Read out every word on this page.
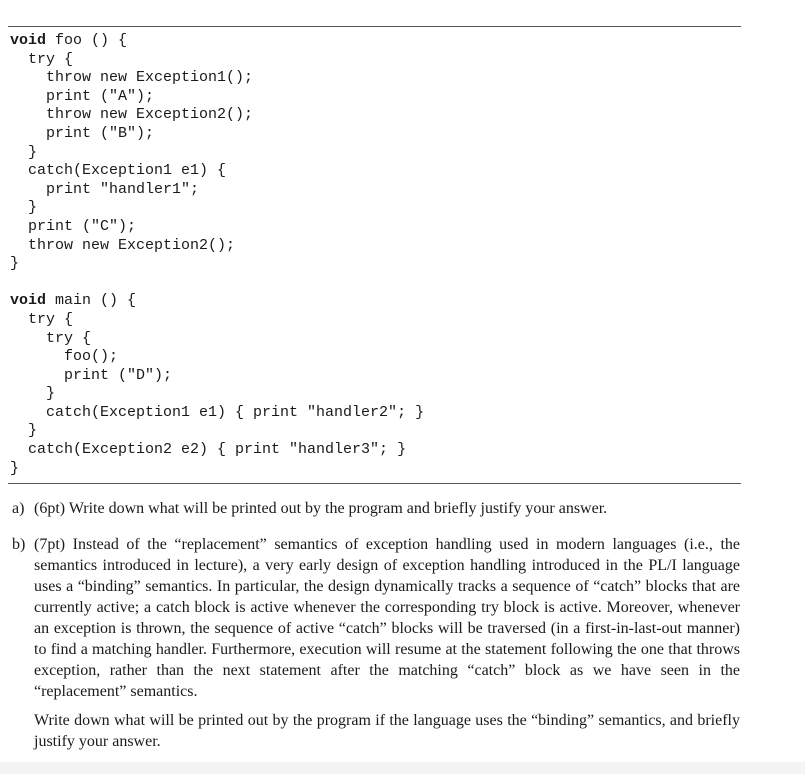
void foo () {
try {
throw new Exception1();
print ("A");
throw new Exception2();
print ("B");
}
catch(Exception1 e1) {
print "handler1";
}
print ("C");
throw new Exception2();
}
void main () {
try {
try {
foo();
print ("D");
}
catch(Exception1 e1) { print "handler2"; }
}
catch(Exception2 e2) { print "handler3"; }
}
a) (6pt) Write down what will be printed out by the program and briefly justify your answer.
b) (7pt) Instead of the “replacement” semantics of exception handling used in modern languages (i.e., the semantics introduced in lecture), a very early design of exception handling introduced in the PL/I language uses a “binding” semantics. In particular, the design dynamically tracks a sequence of “catch” blocks that are currently active; a catch block is active whenever the corresponding try block is active. Moreover, whenever an exception is thrown, the sequence of active “catch” blocks will be traversed (in a first-in-last-out manner) to find a matching handler. Furthermore, execution will resume at the statement following the one that throws exception, rather than the next statement after the matching “catch” block as we have seen in the “replacement” semantics.
Write down what will be printed out by the program if the language uses the “binding” semantics, and briefly justify your answer.
